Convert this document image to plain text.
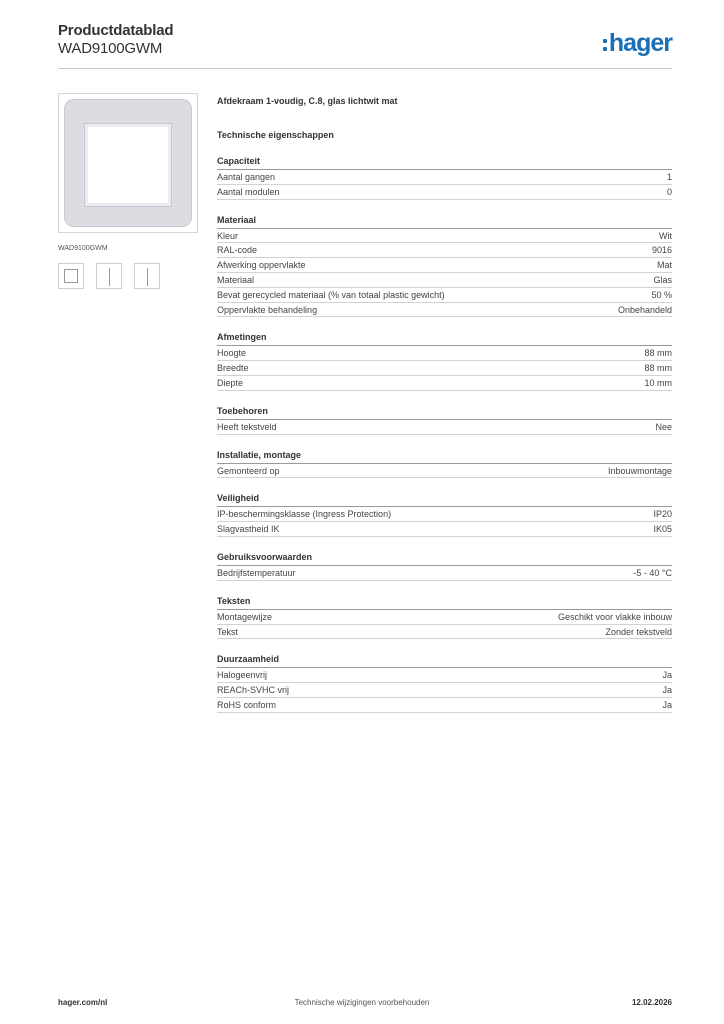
Productdatablad
WAD9100GWM	hager
WAD9100GWM
Afdekraam 1-voudig, C.8, glas lichtwit mat
Technische eigenschappen
Capaciteit
Aantal gangen	1
Aantal modulen	0
Materiaal
Kleur	Wit
RAL-code	9016
Afwerking oppervlakte	Mat
Materiaal	Glas
Bevat gerecycled materiaal (% van totaal plastic gewicht)	50 %
Oppervlakte behandeling	Onbehandeld
Afmetingen
Hoogte	88 mm
Breedte	88 mm
Diepte	10 mm
Toebehoren
Heeft tekstveld	Nee
Installatie, montage
Gemonteerd op	Inbouwmontage
Veiligheid
IP-beschermingsklasse (Ingress Protection)	IP20
Slagvastheid IK	IK05
Gebruiksvoorwaarden
Bedrijfstemperatuur	-5 - 40 °C
Teksten
Montagewijze	Geschikt voor vlakke inbouw
Tekst	Zonder tekstveld
Duurzaamheid
Halogeenvrij	Ja
REACh-SVHC vrij	Ja
RoHS conform	Ja
hager.com/nl	Technische wijzigingen voorbehouden	12.02.2026
